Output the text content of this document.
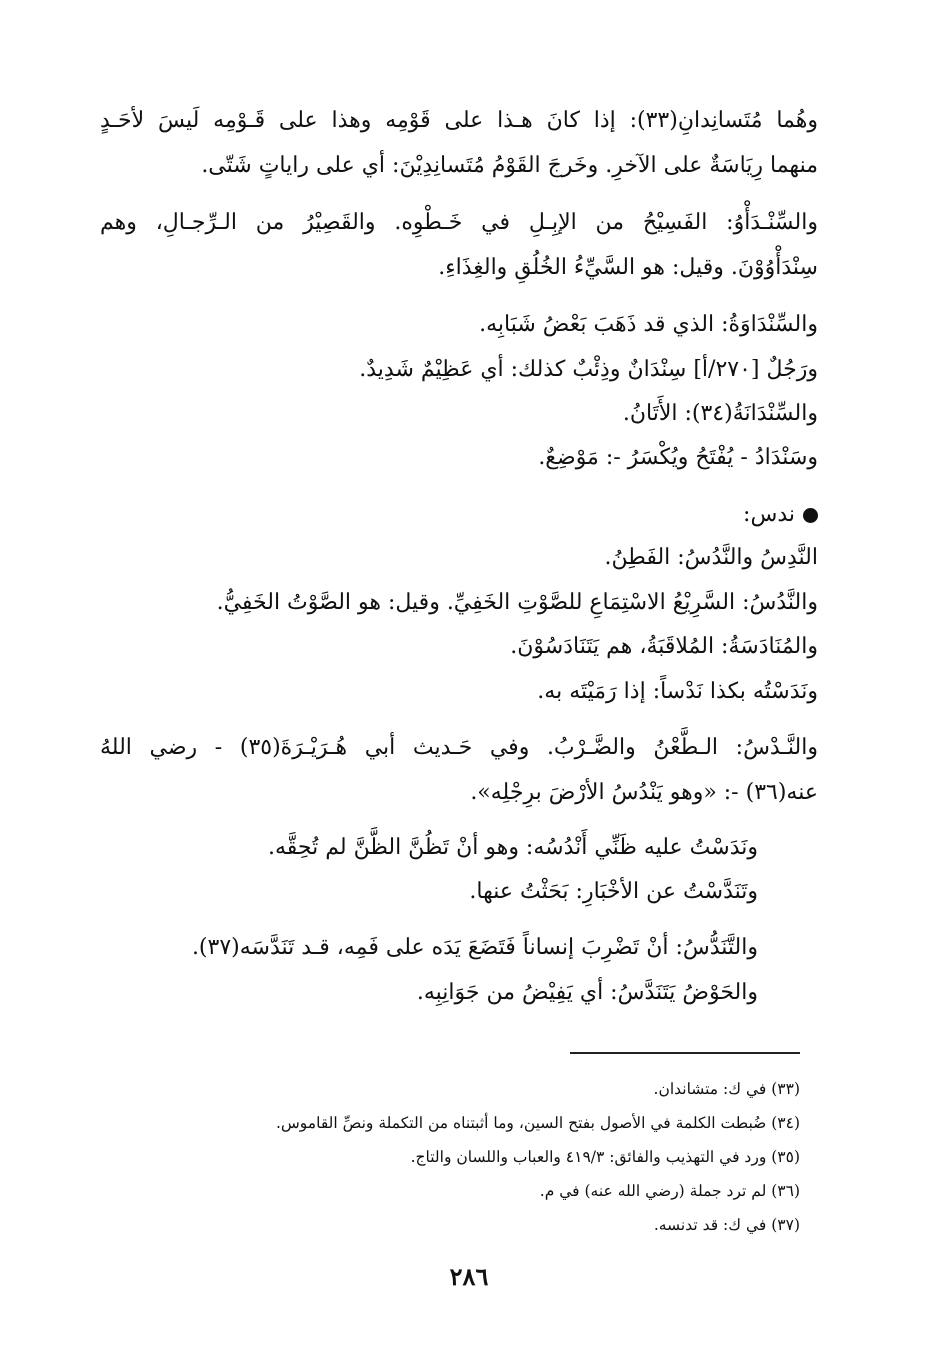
وهُما مُتَسانِدانِ(٣٣): إذا كانَ هـذا على قَوْمِه وهذا على قَـوْمِه لَيسَ لأحَـدٍ
منهما رِيَاسَةٌ على الآخرِ. وخَرجَ القَوْمُ مُتَسانِدِيْنَ: أي على راياتٍ شَتّى.
والسِّنْـدَأْوُ: الفَسِيْحُ من الإبِـلِ في خَـطْوِه. والقَصِيْرُ من الـرِّجـالِ، وهم
سِنْدَأْوُوْنَ. وقيل: هو السَّيِّءُ الخُلُقِ والغِذَاءِ.
والسِّنْدَاوَةُ: الذي قد ذَهَبَ بَعْضُ شَبَابِه.
ورَجُلٌ [٢٧٠/أ] سِنْدَانٌ وذِئْبٌ كذلك: أي عَظِيْمٌ شَدِيدٌ.
والسِّنْدَانَةُ(٣٤): الأَتَانُ.
وسَنْدَادُ - يُفْتَحُ ويُكْسَرُ -: مَوْضِعٌ.
ندس:
النَّدِسُ والنَّدُسُ: الفَطِنُ.
والنَّدُسُ: السَّرِيْعُ الاسْتِمَاعِ للصَّوْتِ الخَفِيِّ. وقيل: هو الصَّوْتُ الخَفِيُّ.
والمُنَادَسَةُ: المُلاقَبَةُ، هم يَتَنَادَسُوْنَ.
ونَدَسْتُه بكذا نَدْساً: إذا رَمَيْتَه به.
والنَّـدْسُ: الـطَّعْنُ والضَّـرْبُ. وفي حَـديث أبي هُـرَيْـرَةَ(٣٥) - رضي اللهُ
عنه(٣٦) -: «وهو يَنْدُسُ الأرْضَ برِجْلِه».
ونَدَسْتُ عليه ظَنِّي أَنْدُسُه: وهو أنْ تَظُنَّ الظَّنَّ لم تُحِقَّه.
وتَنَدَّسْتُ عن الأخْبَارِ: بَحَثْتُ عنها.
والتَّنَدُّسُ: أنْ تَضْرِبَ إنساناً فَتَضَعَ يَدَه على فَمِه، قـد تَنَدَّسَه(٣٧).
والحَوْضُ يَتَنَدَّسُ: أي يَفِيْضُ من جَوَانِبِه.
(٣٣) في ك: متشاندان.
(٣٤) ضُبطت الكلمة في الأصول بفتح السين، وما أثبتناه من التكملة ونصِّ القاموس.
(٣٥) ورد في التهذيب والفائق: ٤١٩/٣ والعباب واللسان والتاج.
(٣٦) لم ترد جملة (رضي الله عنه) في م.
(٣٧) في ك: قد تدنسه.
٢٨٦
